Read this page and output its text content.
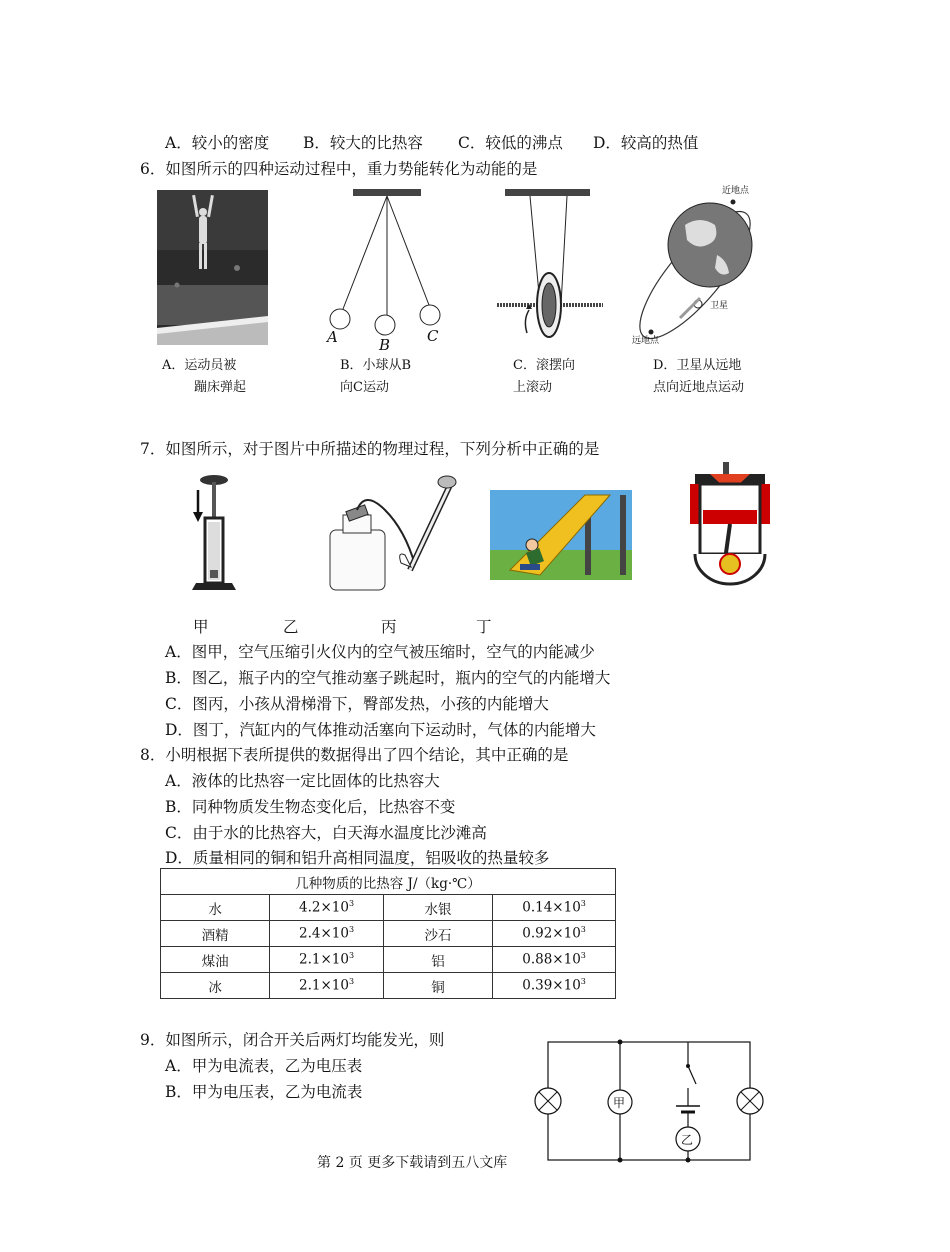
A．较小的密度 B．较大的比热容 C．较低的沸点 D．较高的热值
6．如图所示的四种运动过程中，重力势能转化为动能的是
A	B C
近地点
远地点
卫星
A．运动员被
蹦床弹起
B．小球从B
向C运动
C．滚摆向
上滚动
D．卫星从远地
点向近地点运动
7．如图所示，对于图片中所描述的物理过程，下列分析中正确的是
甲	乙	丙	丁
A．图甲，空气压缩引火仪内的空气被压缩时，空气的内能减少
B．图乙，瓶子内的空气推动塞子跳起时，瓶内的空气的内能增大
C．图丙，小孩从滑梯滑下，臀部发热，小孩的内能增大
D．图丁，汽缸内的气体推动活塞向下运动时，气体的内能增大
8．小明根据下表所提供的数据得出了四个结论，其中正确的是
A．液体的比热容一定比固体的比热容大
B．同种物质发生物态变化后，比热容不变
C．由于水的比热容大，白天海水温度比沙滩高
D．质量相同的铜和铝升高相同温度，铝吸收的热量较多
几种物质的比热容 J/（kg·℃）			
水	$4.2\times 10^3$	水银	$0.14\times 10^3$
酒精	$2.4\times 10^3$	沙石	$0.92\times 10^3$
煤油	$2.1\times 10^3$	铝	$0.88\times 10^3$
冰	$2.1\times 10^3$	铜	$0.39\times 10^3$
9．如图所示，闭合开关后两灯均能发光，则
A．甲为电流表，乙为电压表
B．甲为电压表，乙为电流表
甲
乙
第 2 页 更多下载请到五八文库
